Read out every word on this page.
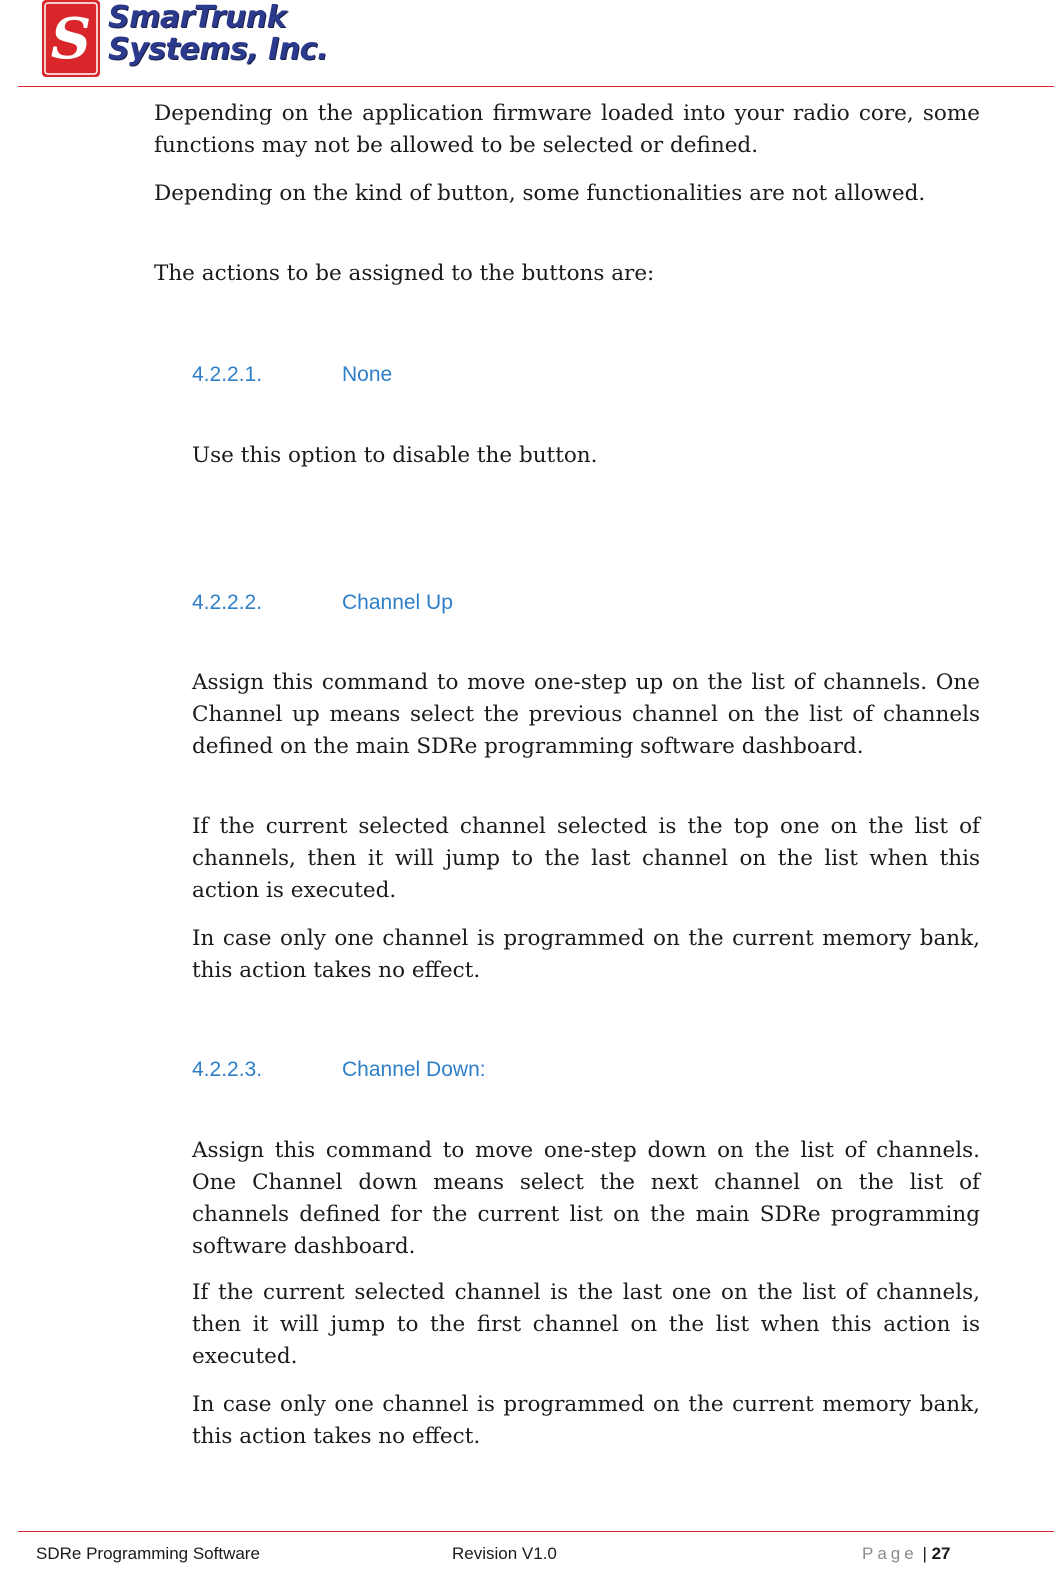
S SmarTrunk
Systems, Inc.

Depending on the application firmware loaded into your radio core, some functions may not be allowed to be selected or defined.

Depending on the kind of button, some functionalities are not allowed.

The actions to be assigned to the buttons are:

4.2.2.1.	None

Use this option to disable the button.

4.2.2.2.	Channel Up

Assign this command to move one-step up on the list of channels. One Channel up means select the previous channel on the list of channels defined on the main SDRe programming software dashboard.

If the current selected channel selected is the top one on the list of channels, then it will jump to the last channel on the list when this action is executed.

In case only one channel is programmed on the current memory bank, this action takes no effect.

4.2.2.3.	Channel Down:

Assign this command to move one-step down on the list of channels. One Channel down means select the next channel on the list of channels defined for the current list on the main SDRe programming software dashboard.

If the current selected channel is the last one on the list of channels, then it will jump to the first channel on the list when this action is executed.

In case only one channel is programmed on the current memory bank, this action takes no effect.

SDRe Programming Software	Revision V1.0	Page | 27
